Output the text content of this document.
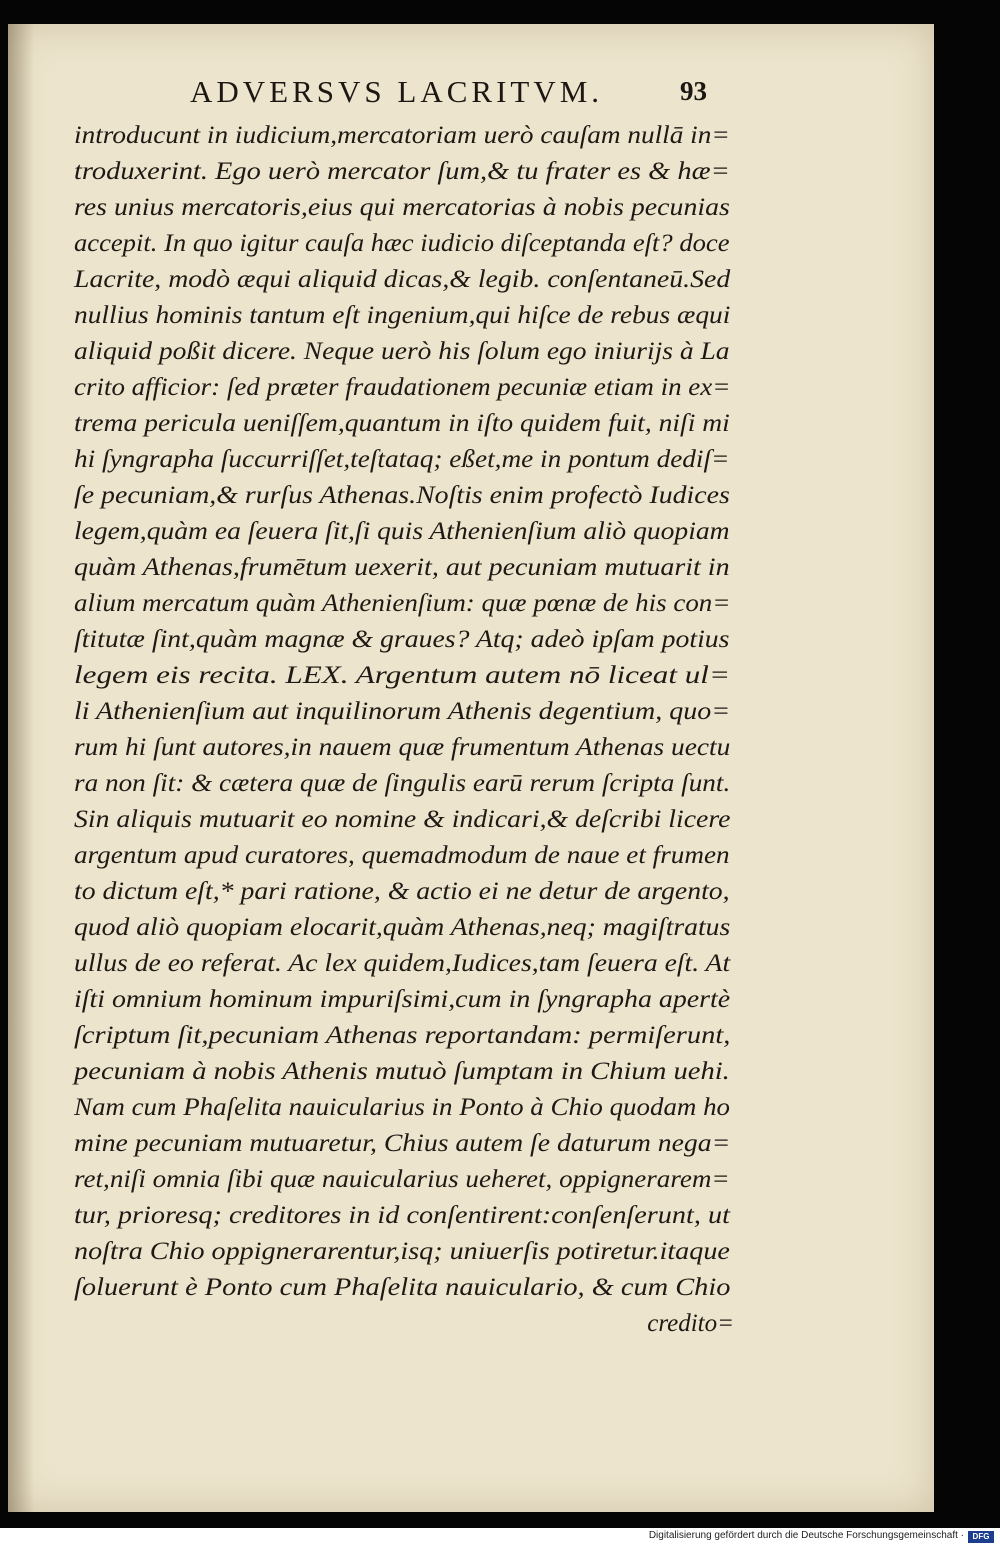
ADVERSVS LACRITVM.	93
introducunt in iudicium,mercatoriam uerò cauſam nullā in=
troduxerint. Ego uerò mercator ſum,& tu frater es & hæ=
res unius mercatoris,eius qui mercatorias à nobis pecunias
accepit. In quo igitur cauſa hæc iudicio diſceptanda eſt? doce
Lacrite, modò æqui aliquid dicas,& legib. conſentaneū.Sed
nullius hominis tantum eſt ingenium,qui hiſce de rebus æqui
aliquid poßit dicere. Neque uerò his ſolum ego iniurijs à La
crito afficior: ſed præter fraudationem pecuniæ etiam in ex=
trema pericula ueniſſem,quantum in iſto quidem fuit, niſi mi
hi ſyngrapha ſuccurriſſet,teſtataq; eßet,me in pontum dediſ=
ſe pecuniam,& rurſus Athenas.Noſtis enim profectò Iudices
legem,quàm ea ſeuera ſit,ſi quis Athenienſium aliò quopiam
quàm Athenas,frumētum uexerit, aut pecuniam mutuarit in
alium mercatum quàm Athenienſium: quæ pœnæ de his con=
ſtitutæ ſint,quàm magnæ & graues? Atq; adeò ipſam potius
legem eis recita. LEX. Argentum autem nō liceat ul=
li Athenienſium aut inquilinorum Athenis degentium, quo=
rum hi ſunt autores,in nauem quæ frumentum Athenas uectu
ra non ſit: & cætera quæ de ſingulis earū rerum ſcripta ſunt.
Sin aliquis mutuarit eo nomine & indicari,& deſcribi licere
argentum apud curatores, quemadmodum de naue et frumen
to dictum eſt,* pari ratione, & actio ei ne detur de argento,
quod aliò quopiam elocarit,quàm Athenas,neq; magiſtratus
ullus de eo referat. Ac lex quidem,Iudices,tam ſeuera eſt. At
iſti omnium hominum impuriſsimi,cum in ſyngrapha apertè
ſcriptum ſit,pecuniam Athenas reportandam: permiſerunt,
pecuniam à nobis Athenis mutuò ſumptam in Chium uehi.
Nam cum Phaſelita nauicularius in Ponto à Chio quodam ho
mine pecuniam mutuaretur, Chius autem ſe daturum nega=
ret,niſi omnia ſibi quæ nauicularius ueheret, oppignerarem=
tur, prioresq; creditores in id conſentirent:conſenſerunt, ut
noſtra Chio oppignerarentur,isq; uniuerſis potiretur.itaque
ſoluerunt è Ponto cum Phaſelita nauiculario, & cum Chio
credito=
Digitalisierung gefördert durch die Deutsche Forschungsgemeinschaft ·	DFG
